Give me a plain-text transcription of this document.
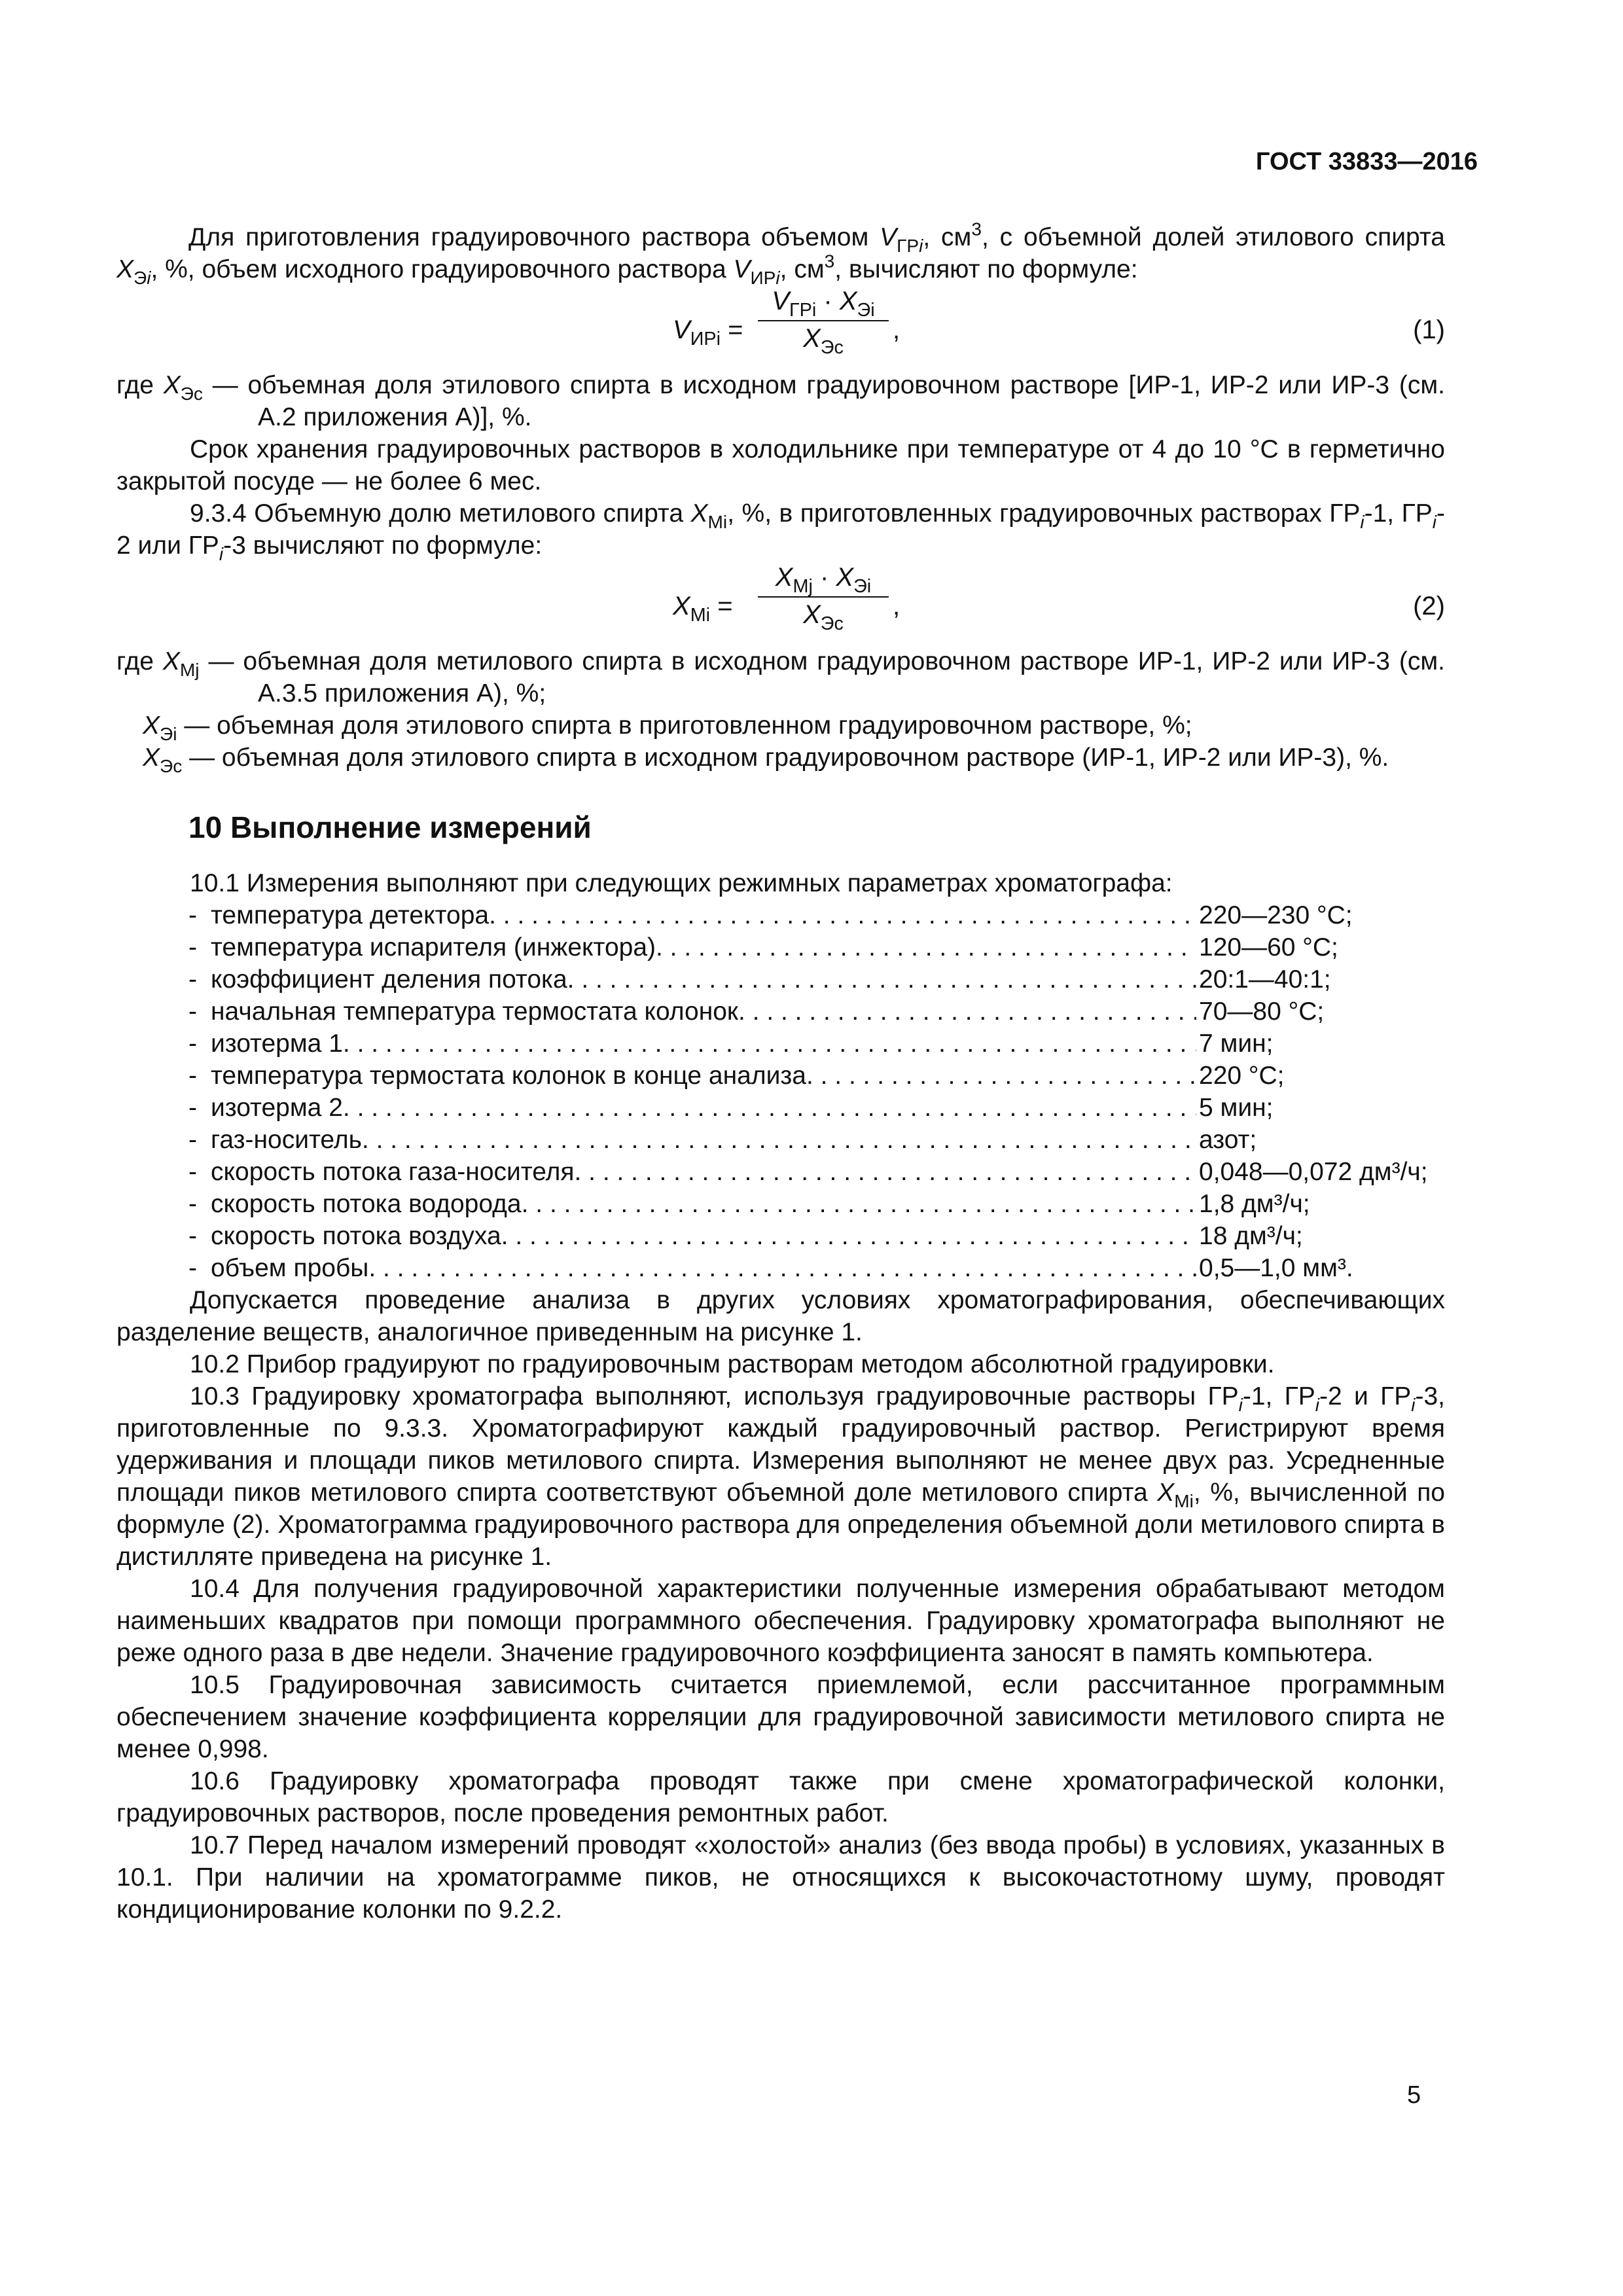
ГОСТ 33833—2016

Для приготовления градуировочного раствора объемом $V_{ГРi}$, $см^3$, с объемной долей этилового спирта $X_{Эi}$, %, объем исходного градуировочного раствора $V_{ИРi}$, $см^3$, вычисляют по формуле:

$V_{ИРi}$ =
$V_{ГРi} \cdot X_{Эi}$
$X_{Эс}$
,	(1)

где $X_{Эс}$ — объемная доля этилового спирта в исходном градуировочном растворе [ИР-1, ИР-2 или ИР-3 (см. А.2 приложения А)], %.

Срок хранения градуировочных растворов в холодильнике при температуре от 4 до 10 °С в герметично закрытой посуде — не более 6 мес.

9.3.4 Объемную долю метилового спирта $X_{Mi}$, %, в приготовленных градуировочных растворах $ГР_i-1$, $ГР_i-2$ или $ГР_i-3$ вычисляют по формуле:

$X_{Mi}$ =
$X_{Mj} \cdot X_{Эi}$
$X_{Эс}$
,	(2)

где $X_{Mj}$ — объемная доля метилового спирта в исходном градуировочном растворе ИР-1, ИР-2 или ИР-3 (см. А.3.5 приложения А), %;

$X_{Эi}$ — объемная доля этилового спирта в приготовленном градуировочном растворе, %;

$X_{Эс}$ — объемная доля этилового спирта в исходном градуировочном растворе (ИР-1, ИР-2 или ИР-3), %.

10 Выполнение измерений

10.1 Измерения выполняют при следующих режимных параметрах хроматографа:

- температура детектора . . .	220—230 °С;
- температура испарителя (инжектора) . . .	120—60 °С;
- коэффициент деления потока . . .	20:1—40:1;
- начальная температура термостата колонок . . .	70—80 °С;
- изотерма 1 . . .	7 мин;
- температура термостата колонок в конце анализа . . .	220 °С;
- изотерма 2 . . .	5 мин;
- газ-носитель . . .	азот;
- скорость потока газа-носителя . . .	0,048—0,072 дм³/ч;
- скорость потока водорода . . .	1,8 дм³/ч;
- скорость потока воздуха . . .	18 дм³/ч;
- объем пробы . . .	0,5—1,0 мм³.

Допускается проведение анализа в других условиях хроматографирования, обеспечивающих разделение веществ, аналогичное приведенным на рисунке 1.

10.2 Прибор градуируют по градуировочным растворам методом абсолютной градуировки.

10.3 Градуировку хроматографа выполняют, используя градуировочные растворы $ГР_i-1$, $ГР_i-2$ и $ГР_i-3$, приготовленные по 9.3.3. Хроматографируют каждый градуировочный раствор. Регистрируют время удерживания и площади пиков метилового спирта. Измерения выполняют не менее двух раз. Усредненные площади пиков метилового спирта соответствуют объемной доле метилового спирта $X_{Mi}$, %, вычисленной по формуле (2). Хроматограмма градуировочного раствора для определения объемной доли метилового спирта в дистилляте приведена на рисунке 1.

10.4 Для получения градуировочной характеристики полученные измерения обрабатывают методом наименьших квадратов при помощи программного обеспечения. Градуировку хроматографа выполняют не реже одного раза в две недели. Значение градуировочного коэффициента заносят в память компьютера.

10.5 Градуировочная зависимость считается приемлемой, если рассчитанное программным обеспечением значение коэффициента корреляции для градуировочной зависимости метилового спирта не менее 0,998.

10.6 Градуировку хроматографа проводят также при смене хроматографической колонки, градуировочных растворов, после проведения ремонтных работ.

10.7 Перед началом измерений проводят «холостой» анализ (без ввода пробы) в условиях, указанных в 10.1. При наличии на хроматограмме пиков, не относящихся к высокочастотному шуму, проводят кондиционирование колонки по 9.2.2.

5
